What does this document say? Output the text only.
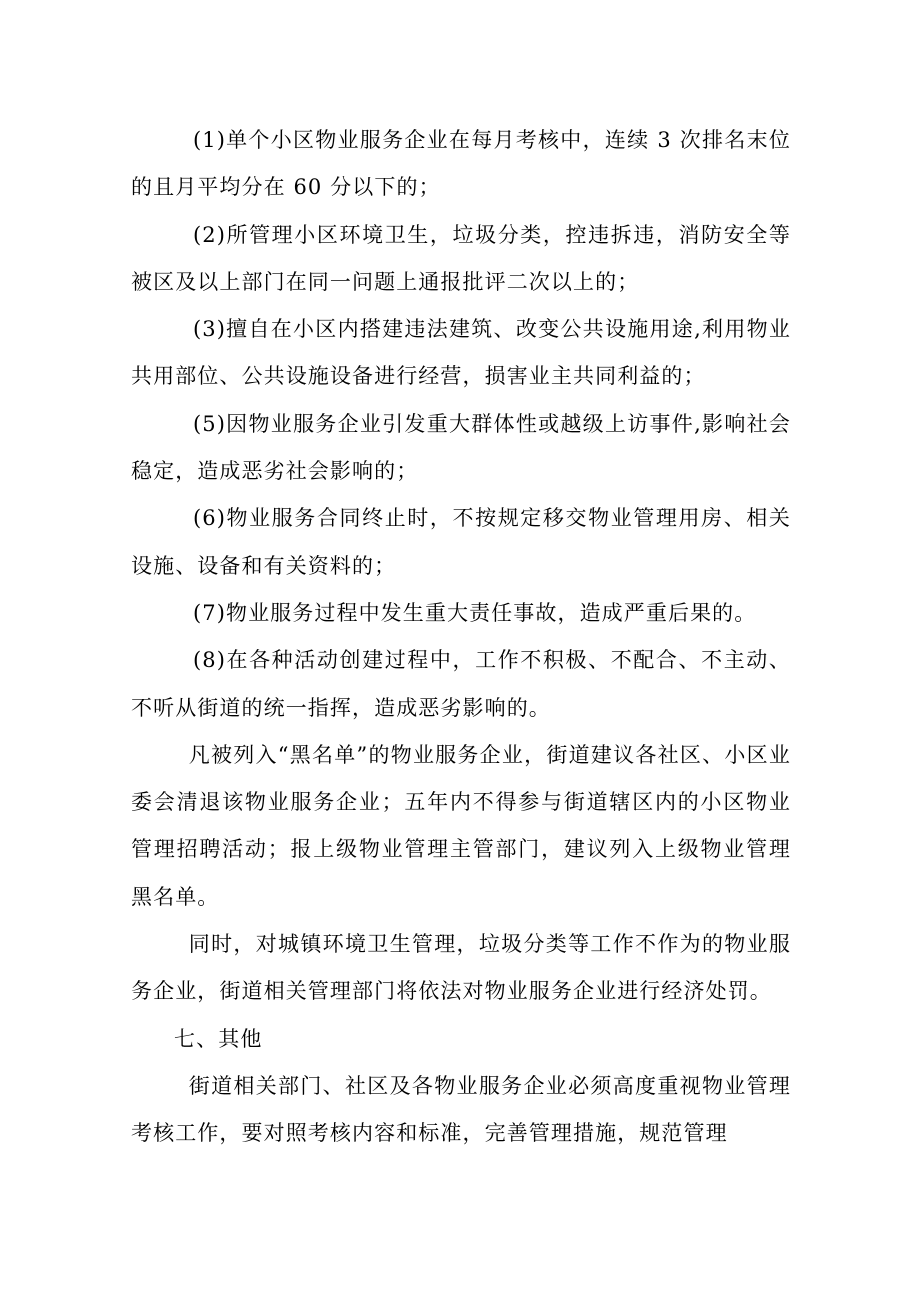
(1)单个小区物业服务企业在每月考核中，连续 3 次排名末位的且月平均分在 60 分以下的；

(2)所管理小区环境卫生，垃圾分类，控违拆违，消防安全等被区及以上部门在同一问题上通报批评二次以上的；

(3)擅自在小区内搭建违法建筑、改变公共设施用途,利用物业共用部位、公共设施设备进行经营，损害业主共同利益的；

(5)因物业服务企业引发重大群体性或越级上访事件,影响社会稳定，造成恶劣社会影响的；

(6)物业服务合同终止时，不按规定移交物业管理用房、相关设施、设备和有关资料的；

(7)物业服务过程中发生重大责任事故，造成严重后果的。

(8)在各种活动创建过程中，工作不积极、不配合、不主动、不听从街道的统一指挥，造成恶劣影响的。

凡被列入“黑名单”的物业服务企业，街道建议各社区、小区业委会清退该物业服务企业；五年内不得参与街道辖区内的小区物业管理招聘活动；报上级物业管理主管部门，建议列入上级物业管理黑名单。

同时，对城镇环境卫生管理，垃圾分类等工作不作为的物业服务企业，街道相关管理部门将依法对物业服务企业进行经济处罚。

七、其他

街道相关部门、社区及各物业服务企业必须高度重视物业管理考核工作，要对照考核内容和标准，完善管理措施，规范管理
